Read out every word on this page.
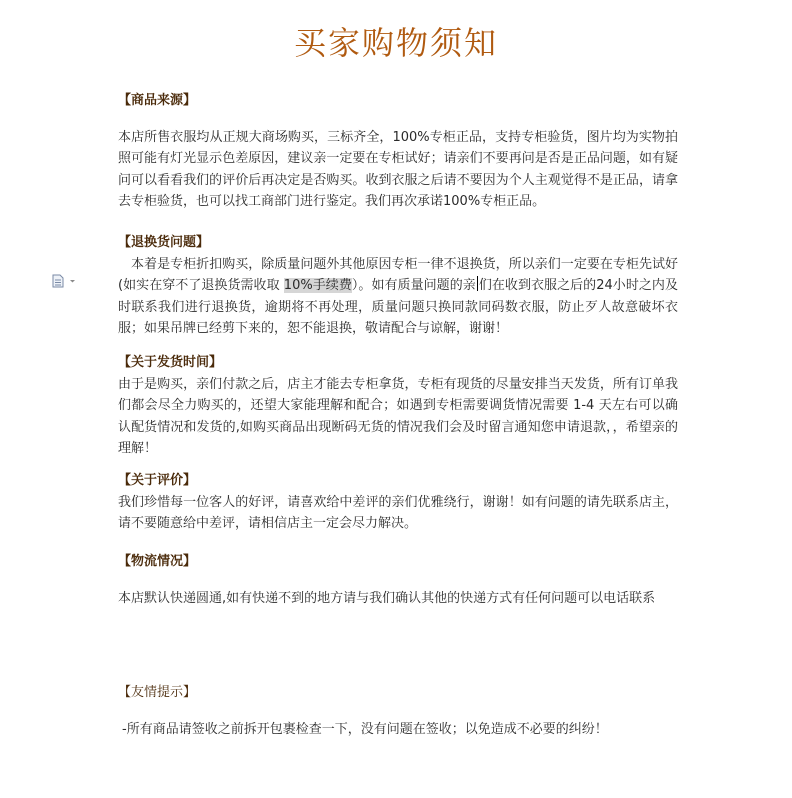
买家购物须知
【商品来源】

本店所售衣服均从正规大商场购买，三标齐全，100%专柜正品，支持专柜验货，图片均为实物拍照可能有灯光显示色差原因，建议亲一定要在专柜试好；请亲们不要再问是否是正品问题，如有疑问可以看看我们的评价后再决定是否购买。收到衣服之后请不要因为个人主观觉得不是正品，请拿去专柜验货，也可以找工商部门进行鉴定。我们再次承诺100%专柜正品。

【退换货问题】

　本着是专柜折扣购买，除质量问题外其他原因专柜一律不退换货，所以亲们一定要在专柜先试好(如实在穿不了退换货需收取 10%手续费）。如有质量问题的亲 们在收到衣服之后的24小时之内及时联系我们进行退换货，逾期将不再处理，质量问题只换同款同码数衣服，防止歹人故意破坏衣服；如果吊牌已经剪下来的，恕不能退换，敬请配合与谅解，谢谢！

【关于发货时间】

由于是购买，亲们付款之后，店主才能去专柜拿货，专柜有现货的尽量安排当天发货，所有订单我们都会尽全力购买的，还望大家能理解和配合；如遇到专柜需要调货情况需要 1-4 天左右可以确认配货情况和发货的,如购买商品出现断码无货的情况我们会及时留言通知您申请退款，，希望亲的理解！

【关于评价】

我们珍惜每一位客人的好评，请喜欢给中差评的亲们优雅绕行，谢谢！如有问题的请先联系店主，请不要随意给中差评，请相信店主一定会尽力解决。

【物流情况】

本店默认快递圆通,如有快递不到的地方请与我们确认其他的快递方式有任何问题可以电话联系

【友情提示】

-所有商品请签收之前拆开包裹检查一下，没有问题在签收；以免造成不必要的纠纷！
